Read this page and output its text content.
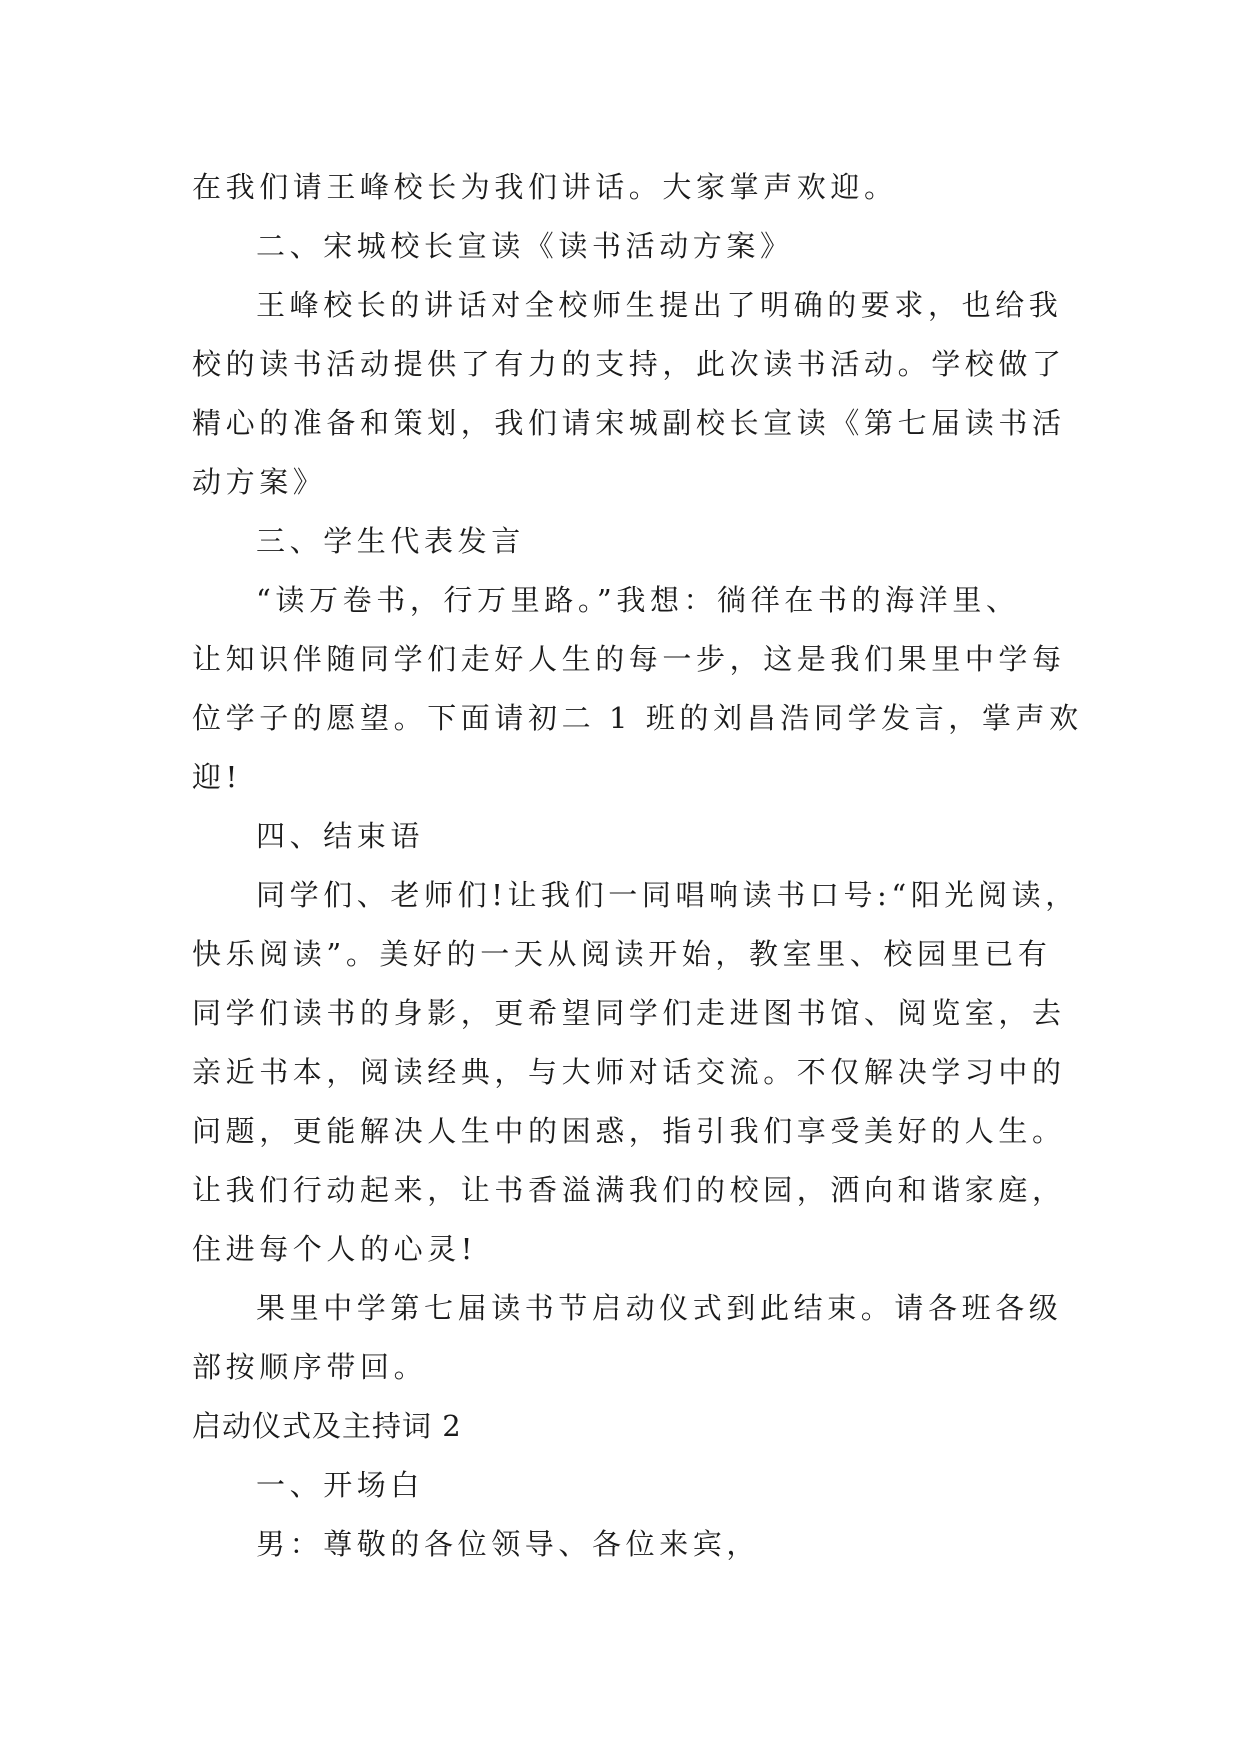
在我们请王峰校长为我们讲话。大家掌声欢迎。
二、宋城校长宣读《读书活动方案》
王峰校长的讲话对全校师生提出了明确的要求，也给我
校的读书活动提供了有力的支持，此次读书活动。学校做了
精心的准备和策划，我们请宋城副校长宣读《第七届读书活
动方案》
三、学生代表发言
“读万卷书，行万里路。”我想：徜徉在书的海洋里、
让知识伴随同学们走好人生的每一步，这是我们果里中学每
位学子的愿望。下面请初二 1 班的刘昌浩同学发言，掌声欢
迎!
四、结束语
同学们、老师们!让我们一同唱响读书口号:“阳光阅读，
快乐阅读”。美好的一天从阅读开始，教室里、校园里已有
同学们读书的身影，更希望同学们走进图书馆、阅览室，去
亲近书本，阅读经典，与大师对话交流。不仅解决学习中的
问题，更能解决人生中的困惑，指引我们享受美好的人生。
让我们行动起来，让书香溢满我们的校园，洒向和谐家庭，
住进每个人的心灵!
果里中学第七届读书节启动仪式到此结束。请各班各级
部按顺序带回。
启动仪式及主持词 2
一、开场白
男：尊敬的各位领导、各位来宾，
